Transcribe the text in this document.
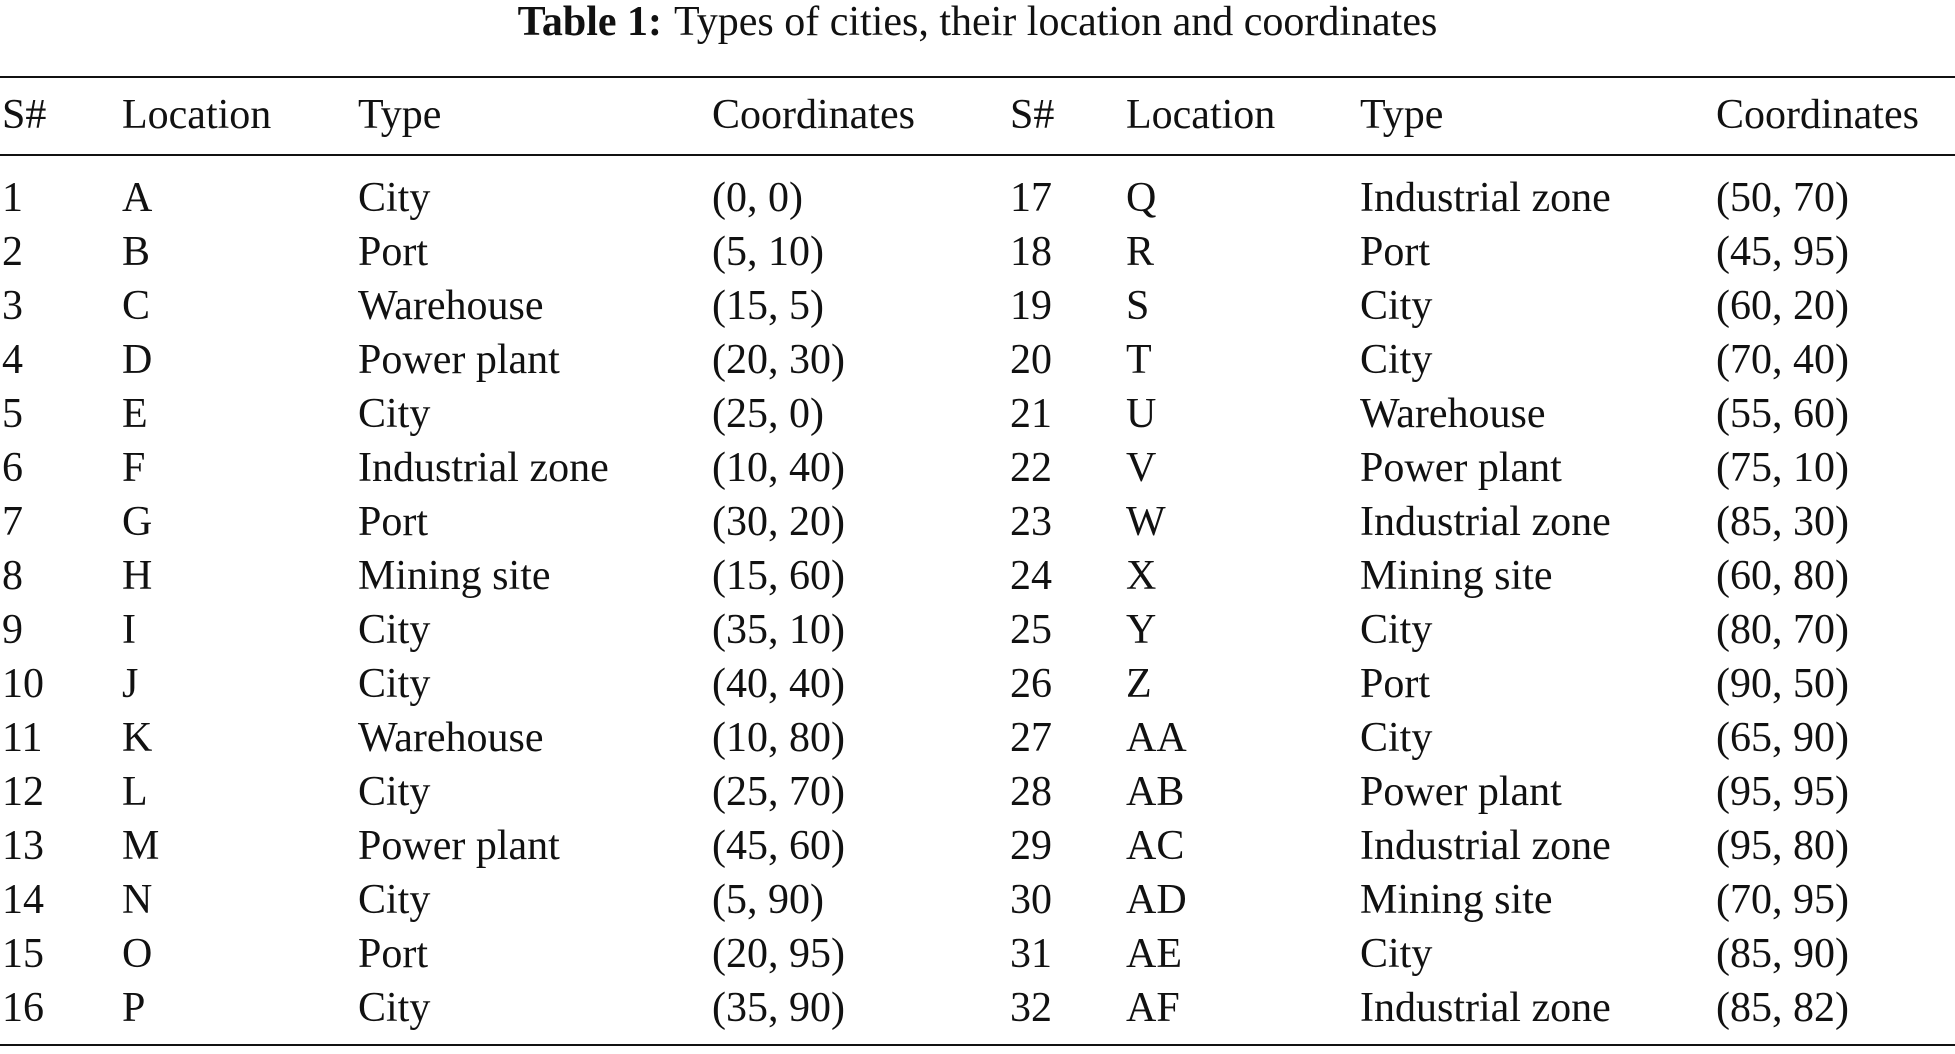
Table 1: Types of cities, their location and coordinates
S#	Location	Type	Coordinates	S#	Location	Type	Coordinates
1	A	City	(0, 0)	17	Q	Industrial zone	(50, 70)
2	B	Port	(5, 10)	18	R	Port	(45, 95)
3	C	Warehouse	(15, 5)	19	S	City	(60, 20)
4	D	Power plant	(20, 30)	20	T	City	(70, 40)
5	E	City	(25, 0)	21	U	Warehouse	(55, 60)
6	F	Industrial zone	(10, 40)	22	V	Power plant	(75, 10)
7	G	Port	(30, 20)	23	W	Industrial zone	(85, 30)
8	H	Mining site	(15, 60)	24	X	Mining site	(60, 80)
9	I	City	(35, 10)	25	Y	City	(80, 70)
10	J	City	(40, 40)	26	Z	Port	(90, 50)
11	K	Warehouse	(10, 80)	27	AA	City	(65, 90)
12	L	City	(25, 70)	28	AB	Power plant	(95, 95)
13	M	Power plant	(45, 60)	29	AC	Industrial zone	(95, 80)
14	N	City	(5, 90)	30	AD	Mining site	(70, 95)
15	O	Port	(20, 95)	31	AE	City	(85, 90)
16	P	City	(35, 90)	32	AF	Industrial zone	(85, 82)
